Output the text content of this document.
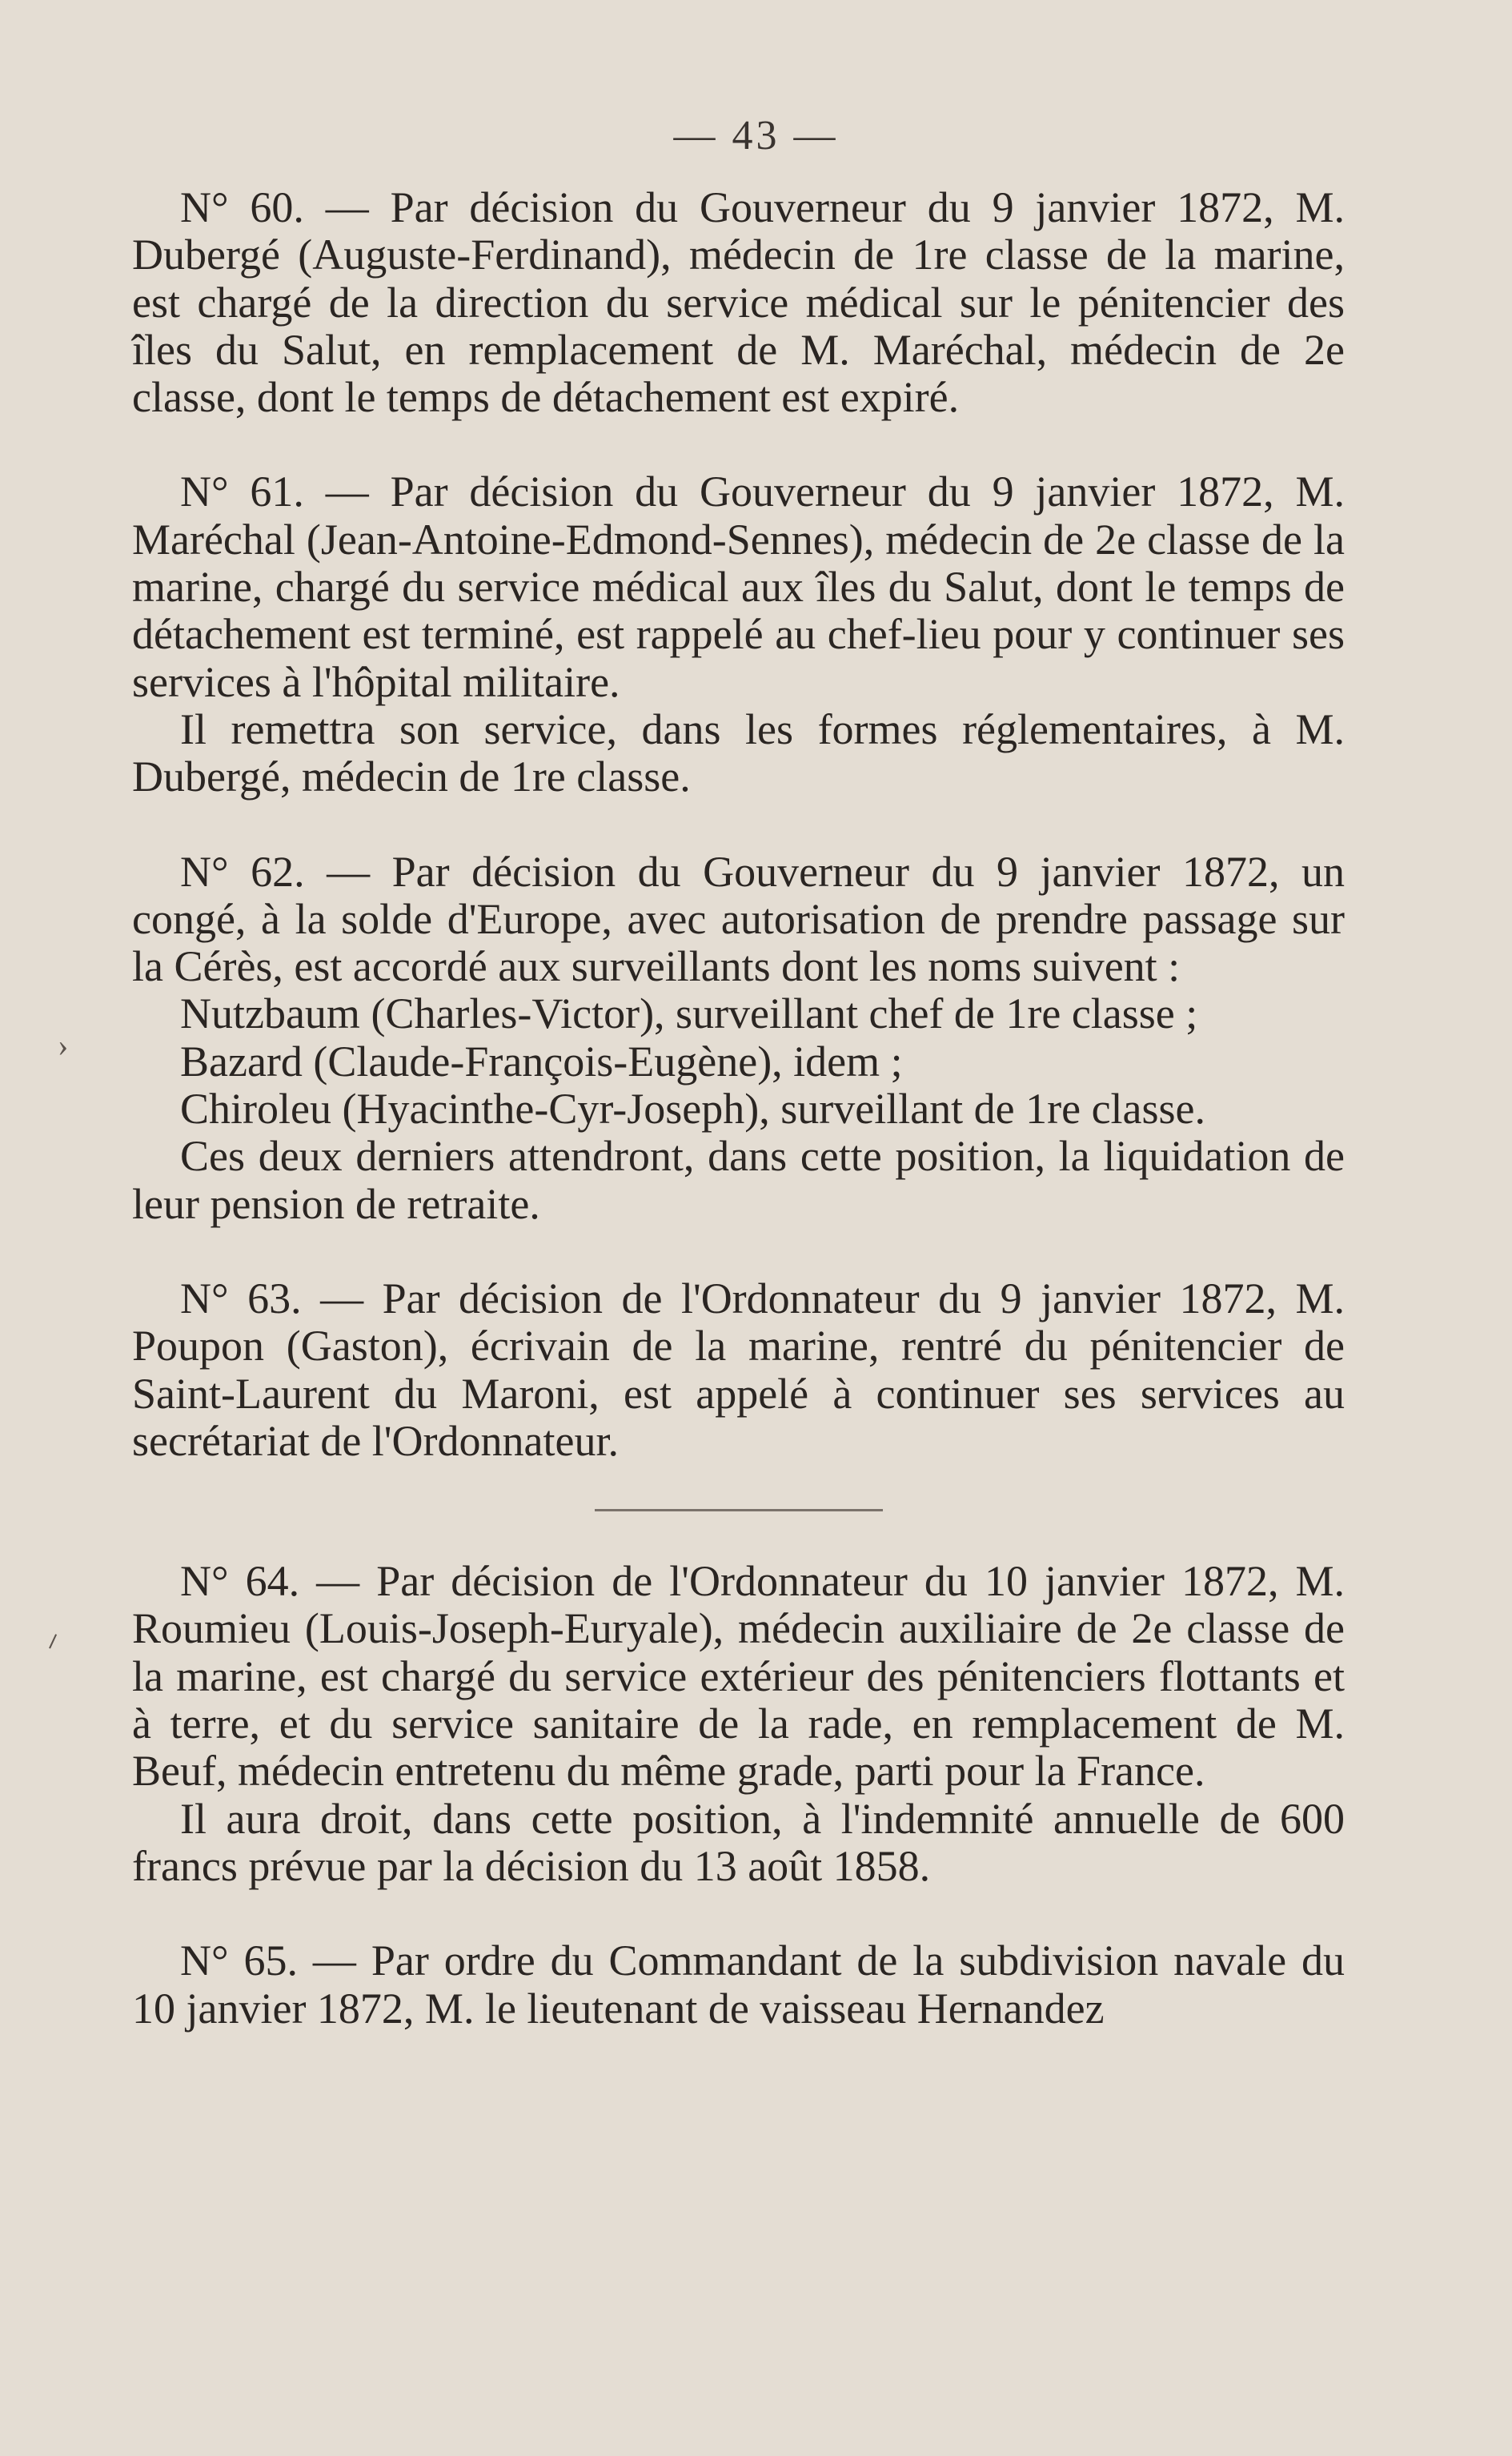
— 43 —
›
⸍

N° 60. — Par décision du Gouverneur du 9 janvier 1872, M. Dubergé (Auguste-Ferdinand), médecin de 1re classe de la marine, est chargé de la direction du service médical sur le pénitencier des îles du Salut, en remplacement de M. Maréchal, médecin de 2e classe, dont le temps de détachement est expiré.

N° 61. — Par décision du Gouverneur du 9 janvier 1872, M. Maréchal (Jean-Antoine-Edmond-Sennes), médecin de 2e classe de la marine, chargé du service médical aux îles du Salut, dont le temps de détachement est terminé, est rappelé au chef-lieu pour y continuer ses services à l'hôpital militaire.

Il remettra son service, dans les formes réglementaires, à M. Dubergé, médecin de 1re classe.

N° 62. — Par décision du Gouverneur du 9 janvier 1872, un congé, à la solde d'Europe, avec autorisation de prendre passage sur la Cérès, est accordé aux surveillants dont les noms suivent :

Nutzbaum (Charles-Victor), surveillant chef de 1re classe ;

Bazard (Claude-François-Eugène), idem ;

Chiroleu (Hyacinthe-Cyr-Joseph), surveillant de 1re classe.

Ces deux derniers attendront, dans cette position, la liquidation de leur pension de retraite.

N° 63. — Par décision de l'Ordonnateur du 9 janvier 1872, M. Poupon (Gaston), écrivain de la marine, rentré du pénitencier de Saint-Laurent du Maroni, est appelé à continuer ses services au secrétariat de l'Ordonnateur.

N° 64. — Par décision de l'Ordonnateur du 10 janvier 1872, M. Roumieu (Louis-Joseph-Euryale), médecin auxiliaire de 2e classe de la marine, est chargé du service extérieur des pénitenciers flottants et à terre, et du service sanitaire de la rade, en remplacement de M. Beuf, médecin entretenu du même grade, parti pour la France.

Il aura droit, dans cette position, à l'indemnité annuelle de 600 francs prévue par la décision du 13 août 1858.

N° 65. — Par ordre du Commandant de la subdivision navale du 10 janvier 1872, M. le lieutenant de vaisseau Hernandez
